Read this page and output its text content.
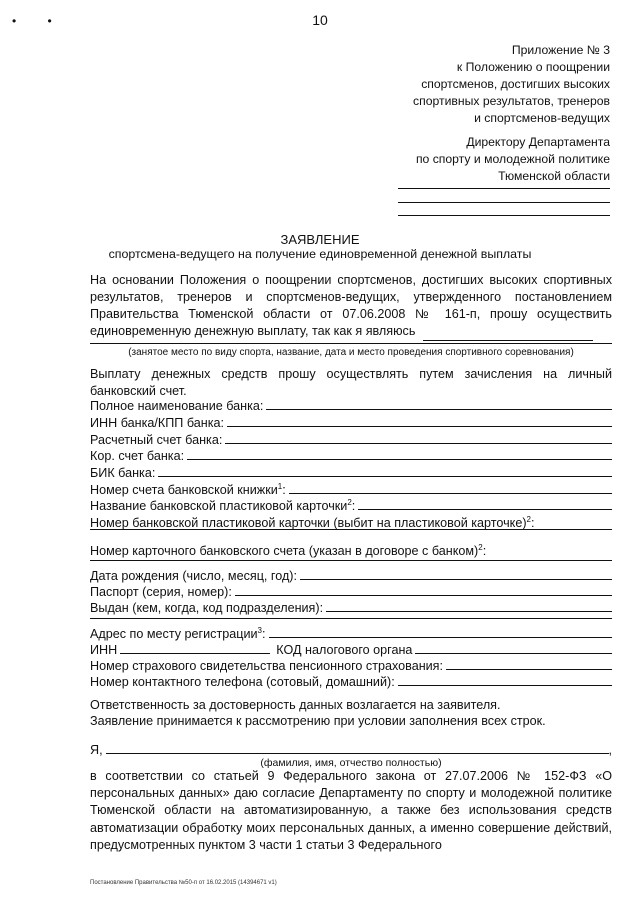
• •	10
Приложение № 3
к Положению о поощрении
спортсменов, достигших высоких
спортивных результатов, тренеров
и спортсменов-ведущих
Директору Департамента
по спорту и молодежной политике
Тюменской области
ЗАЯВЛЕНИЕ
спортсмена-ведущего на получение единовременной денежной выплаты
На основании Положения о поощрении спортсменов, достигших высоких спортивных результатов, тренеров и спортсменов-ведущих, утвержденного постановлением Правительства Тюменской области от 07.06.2008 № 161-п, прошу осуществить единовременную денежную выплату, так как я являюсь
(занятое место по виду спорта, название, дата и место проведения спортивного соревнования)
Выплату денежных средств прошу осуществлять путем зачисления на личный банковский счет.
Полное наименование банка:
ИНН банка/КПП банка:
Расчетный счет банка:
Кор. счет банка:
БИК банка:
Номер счета банковской книжки$^1$:
Название банковской пластиковой карточки$^2$:
Номер банковской пластиковой карточки (выбит на пластиковой карточке)$^2$:
Номер карточного банковского счета (указан в договоре с банком)$^2$:
Дата рождения (число, месяц, год):
Паспорт (серия, номер):
Выдан (кем, когда, код подразделения):
Адрес по месту регистрации$^3$:
ИНН	КОД налогового органа
Номер страхового свидетельства пенсионного страхования:
Номер контактного телефона (сотовый, домашний):
Ответственность за достоверность данных возлагается на заявителя.
Заявление принимается к рассмотрению при условии заполнения всех строк.
Я,	,
(фамилия, имя, отчество полностью)
в соответствии со статьей 9 Федерального закона от 27.07.2006 № 152-ФЗ «О персональных данных» даю согласие Департаменту по спорту и молодежной политике Тюменской области на автоматизированную, а также без использования средств автоматизации обработку моих персональных данных, а именно совершение действий, предусмотренных пунктом 3 части 1 статьи 3 Федерального
Постановление Правительства №50-п от 16.02.2015 (14394671 v1)
